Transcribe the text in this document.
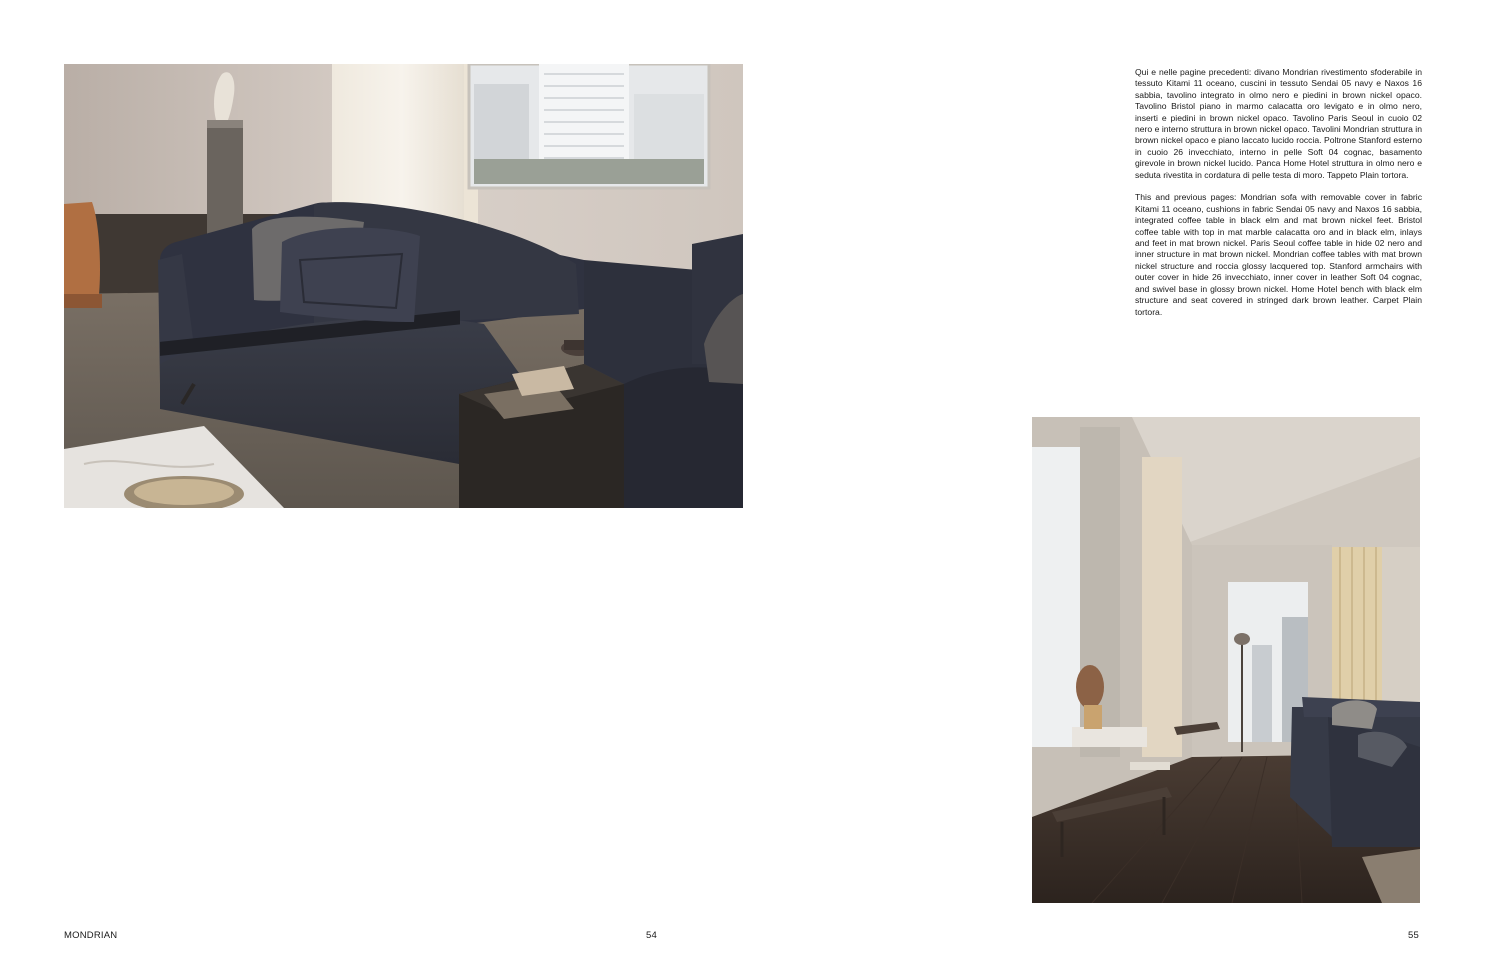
Qui e nelle pagine precedenti: divano Mondrian rivestimento sfoderabile in tessuto Kitami 11 oceano, cuscini in tessuto Sendai 05 navy e Naxos 16 sabbia, tavolino integrato in olmo nero e piedini in brown nickel opaco. Tavolino Bristol piano in marmo calacatta oro levigato e in olmo nero, inserti e piedini in brown nickel opaco. Tavolino Paris Seoul in cuoio 02 nero e interno struttura in brown nickel opaco. Tavolini Mondrian struttura in brown nickel opaco e piano laccato lucido roccia. Poltrone Stanford esterno in cuoio 26 invecchiato, interno in pelle Soft 04 cognac, basamento girevole in brown nickel lucido. Panca Home Hotel struttura in olmo nero e seduta rivestita in cordatura di pelle testa di moro. Tappeto Plain tortora.

This and previous pages: Mondrian sofa with removable cover in fabric Kitami 11 oceano, cushions in fabric Sendai 05 navy and Naxos 16 sabbia, integrated coffee table in black elm and mat brown nickel feet. Bristol coffee table with top in mat marble calacatta oro and in black elm, inlays and feet in mat brown nickel. Paris Seoul coffee table in hide 02 nero and inner structure in mat brown nickel. Mondrian coffee tables with mat brown nickel structure and roccia glossy lacquered top. Stanford armchairs with outer cover in hide 26 invecchiato, inner cover in leather Soft 04 cognac, and swivel base in glossy brown nickel. Home Hotel bench with black elm structure and seat covered in stringed dark brown leather. Carpet Plain tortora.

MONDRIAN	54	55
